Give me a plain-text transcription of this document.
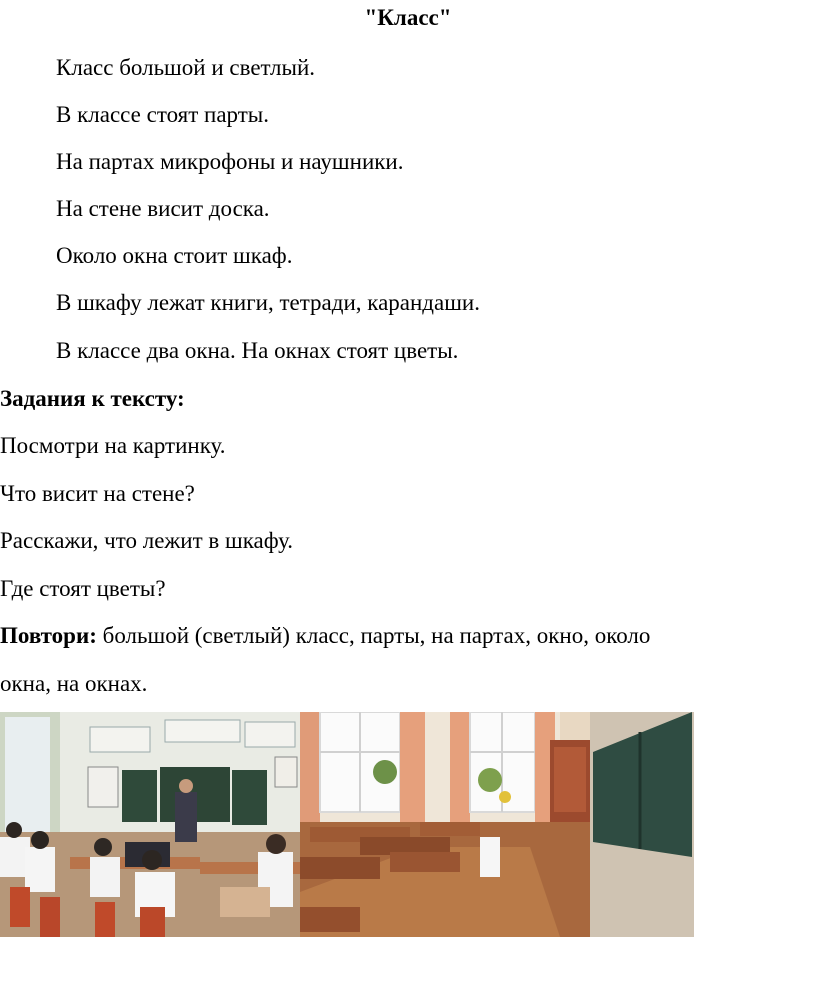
"Класс"
Класс большой и светлый.
В классе стоят парты.
На партах микрофоны и наушники.
На стене висит доска.
Около окна стоит шкаф.
В шкафу лежат книги, тетради, карандаши.
В классе два окна. На окнах стоят цветы.
Задания к тексту:
Посмотри на картинку.
Что висит на стене?
Расскажи, что лежит в шкафу.
Где стоят цветы?
Повтори: большой (светлый) класс, парты, на партах, окно, около
окна, на окнах.
